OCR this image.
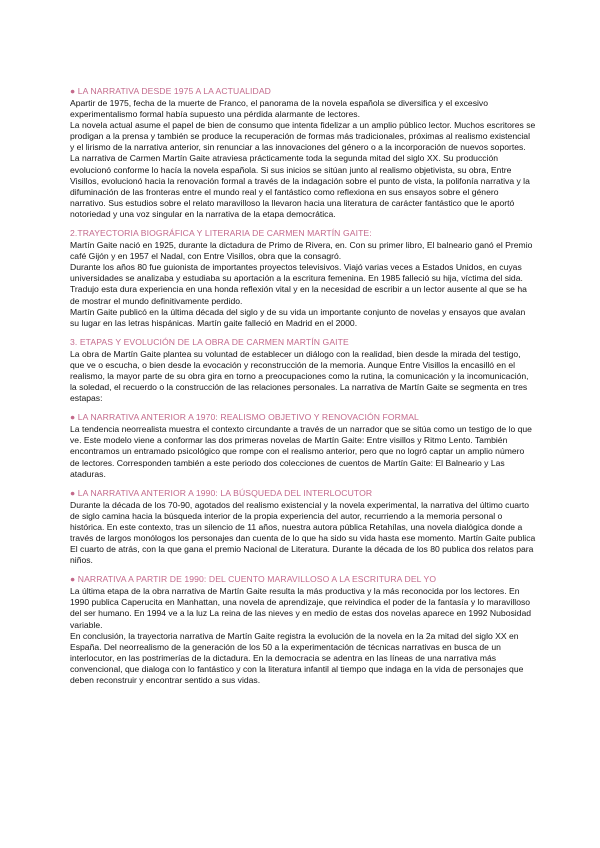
● LA NARRATIVA DESDE 1975 A LA ACTUALIDAD

Apartir de 1975, fecha de la muerte de Franco, el panorama de la novela española se diversifica y el excesivo experimentalismo formal había supuesto una pérdida alarmante de lectores.

La novela actual asume el papel de bien de consumo que intenta fidelizar a un amplio público lector. Muchos escritores se prodigan a la prensa y también se produce la recuperación de formas más tradicionales, próximas al realismo existencial y el lirismo de la narrativa anterior, sin renunciar a las innovaciones del género o a la incorporación de nuevos soportes.

La narrativa de Carmen Martín Gaite atraviesa prácticamente toda la segunda mitad del siglo XX. Su producción evolucionó conforme lo hacía la novela española. Si sus inicios se sitúan junto al realismo objetivista, su obra, Entre Visillos, evolucionó hacia la renovación formal a través de la indagación sobre el punto de vista, la polifonía narrativa y la difuminación de las fronteras entre el mundo real y el fantástico como reflexiona en sus ensayos sobre el género narrativo. Sus estudios sobre el relato maravilloso la llevaron hacia una literatura de carácter fantástico que le aportó notoriedad y una voz singular en la narrativa de la etapa democrática.

2.TRAYECTORIA BIOGRÁFICA Y LITERARIA DE CARMEN MARTÍN GAITE:

Martín Gaite nació en 1925, durante la dictadura de Primo de Rivera, en. Con su primer libro, El balneario ganó el Premio café Gijón y en 1957 el Nadal, con Entre Visillos, obra que la consagró.

Durante los años 80 fue guionista de importantes proyectos televisivos. Viajó varias veces a Estados Unidos, en cuyas universidades se analizaba y estudiaba su aportación a la escritura femenina. En 1985 falleció su hija, víctima del sida. Tradujo esta dura experiencia en una honda reflexión vital y en la necesidad de escribir a un lector ausente al que se ha de mostrar el mundo definitivamente perdido.

Martín Gaite publicó en la última década del siglo y de su vida un importante conjunto de novelas y ensayos que avalan su lugar en las letras hispánicas. Martín gaite falleció en Madrid en el 2000.

3. ETAPAS Y EVOLUCIÓN DE LA OBRA DE CARMEN MARTÍN GAITE

La obra de Martín Gaite plantea su voluntad de establecer un diálogo con la realidad, bien desde la mirada del testigo, que ve o escucha, o bien desde la evocación y reconstrucción de la memoria. Aunque Entre Visillos la encasilló en el realismo, la mayor parte de su obra gira en torno a preocupaciones como la rutina, la comunicación y la incomunicación, la soledad, el recuerdo o la construcción de las relaciones personales. La narrativa de Martín Gaite se segmenta en tres estapas:

● LA NARRATIVA ANTERIOR A 1970: REALISMO OBJETIVO Y RENOVACIÓN FORMAL

La tendencia neorrealista muestra el contexto circundante a través de un narrador que se sitúa como un testigo de lo que ve. Este modelo viene a conformar las dos primeras novelas de Martín Gaite: Entre visillos y Ritmo Lento. También encontramos un entramado psicológico que rompe con el realismo anterior, pero que no logró captar un amplio número de lectores. Corresponden también a este periodo dos colecciones de cuentos de Martín Gaite: El Balneario y Las ataduras.

● LA NARRATIVA ANTERIOR A 1990: LA BÚSQUEDA DEL INTERLOCUTOR

Durante la década de los 70-90, agotados del realismo existencial y la novela experimental, la narrativa del último cuarto de siglo camina hacia la búsqueda interior de la propia experiencia del autor, recurriendo a la memoria personal o histórica. En este contexto, tras un silencio de 11 años, nuestra autora pública Retahílas, una novela dialógica donde a través de largos monólogos los personajes dan cuenta de lo que ha sido su vida hasta ese momento. Martín Gaite publica El cuarto de atrás, con la que gana el premio Nacional de Literatura. Durante la década de los 80 publica dos relatos para niños.

● NARRATIVA A PARTIR DE 1990: DEL CUENTO MARAVILLOSO A LA ESCRITURA DEL YO

La última etapa de la obra narrativa de Martín Gaite resulta la más productiva y la más reconocida por los lectores. En 1990 publica Caperucita en Manhattan, una novela de aprendizaje, que reivindica el poder de la fantasía y lo maravilloso del ser humano. En 1994 ve a la luz La reina de las nieves y en medio de estas dos novelas aparece en 1992 Nubosidad variable.

En conclusión, la trayectoria narrativa de Martín Gaite registra la evolución de la novela en la 2a mitad del siglo XX en España. Del neorrealismo de la generación de los 50 a la experimentación de técnicas narrativas en busca de un interlocutor, en las postrimerías de la dictadura. En la democracia se adentra en las líneas de una narrativa más convencional, que dialoga con lo fantástico y con la literatura infantil al tiempo que indaga en la vida de personajes que deben reconstruir y encontrar sentido a sus vidas.
